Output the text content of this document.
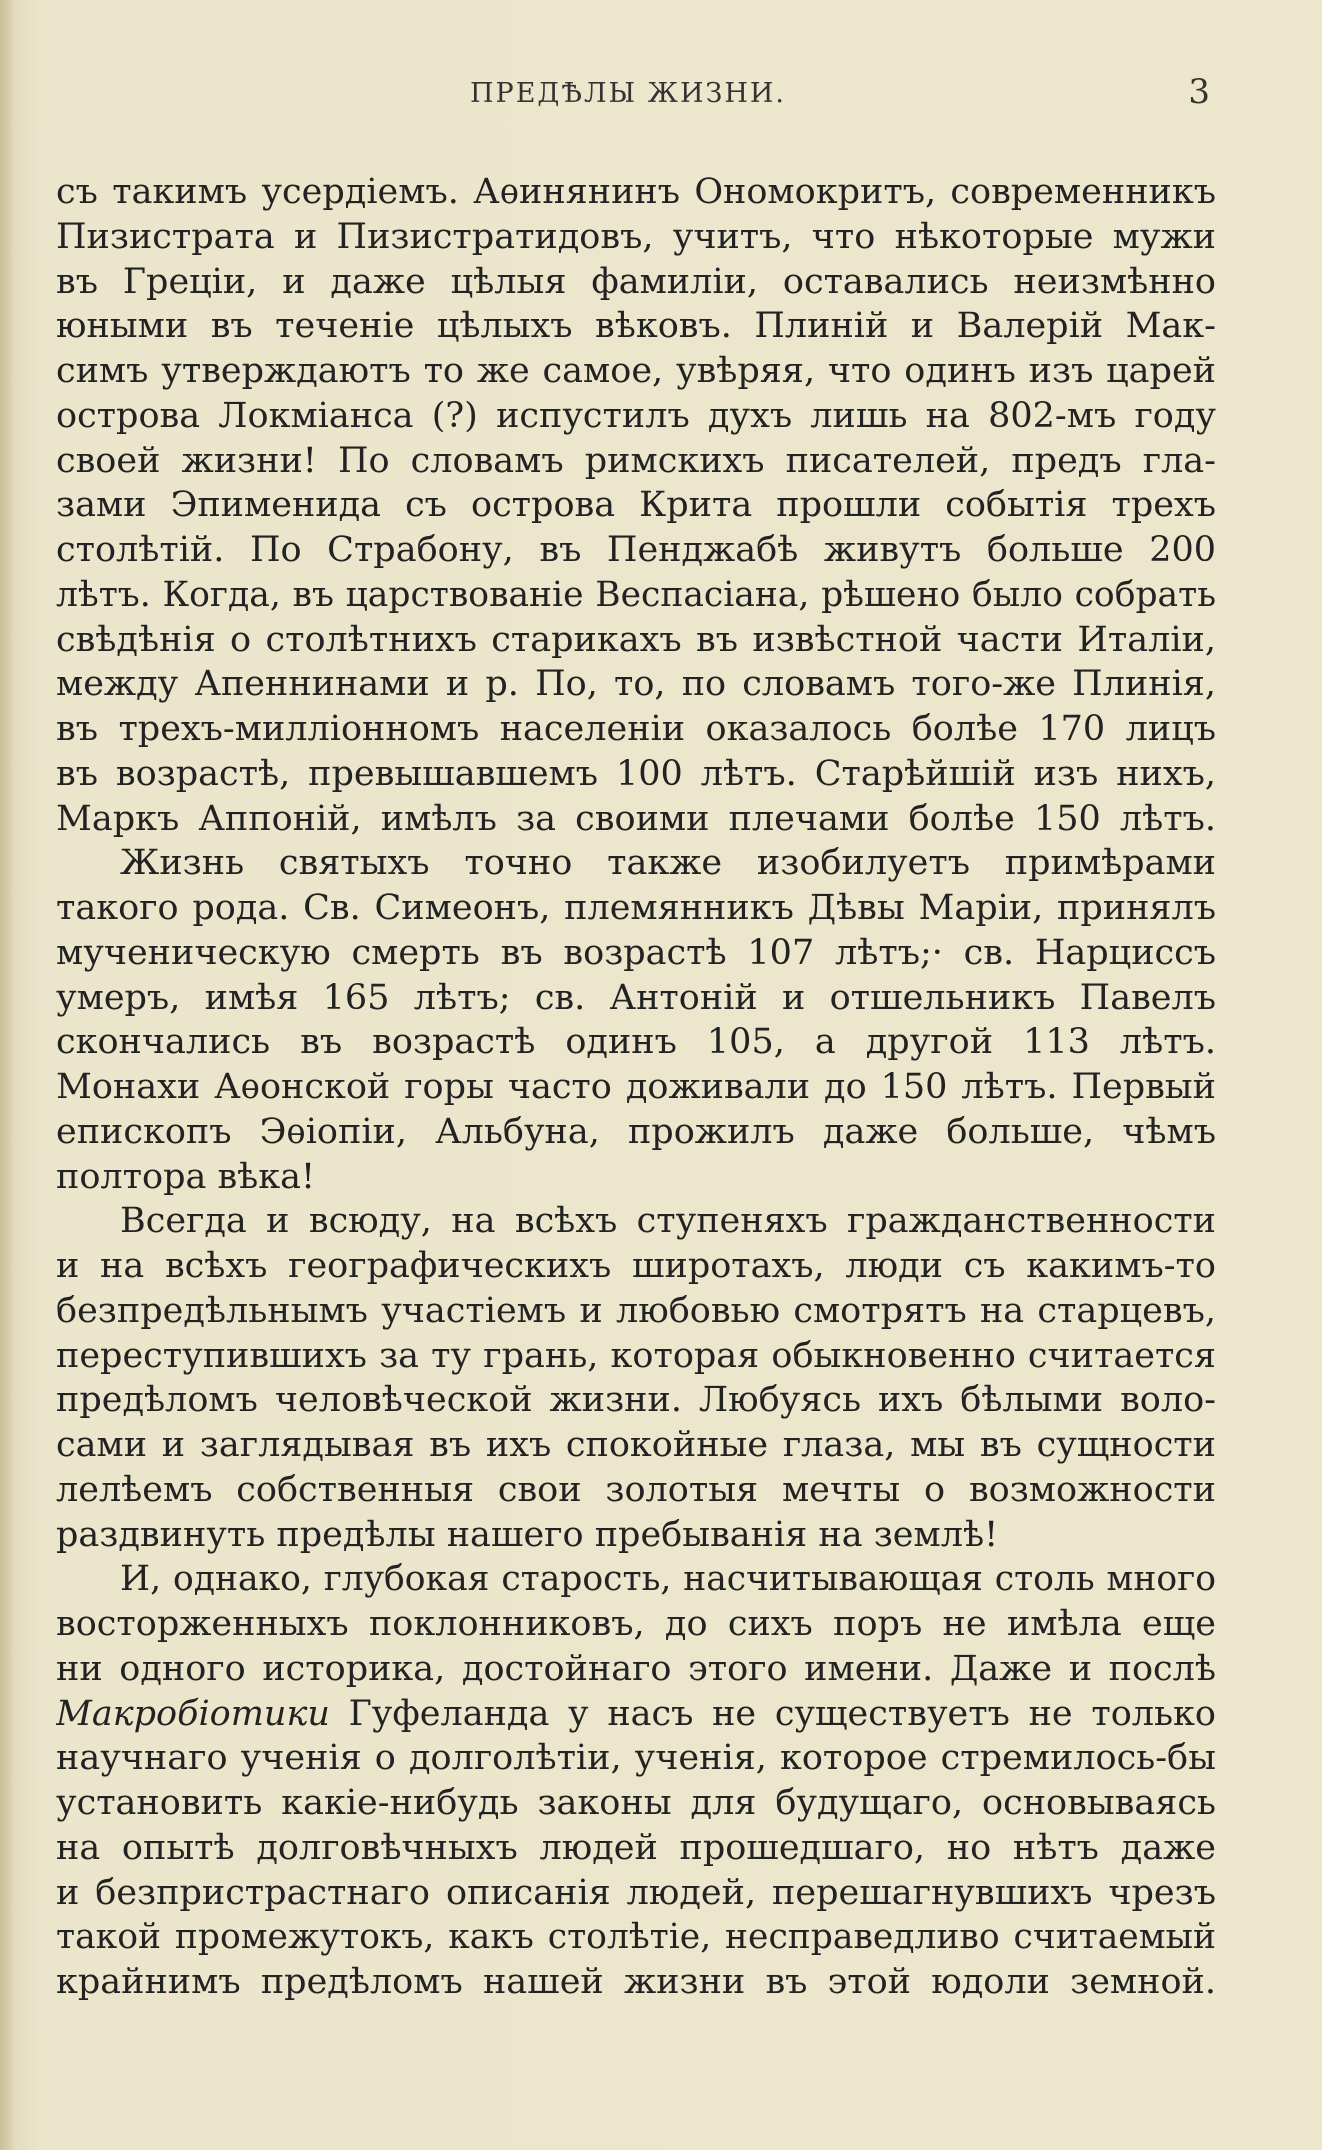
ПРЕДѢЛЫ ЖИЗНИ.	3
съ такимъ усердіемъ. Аѳинянинъ Ономокритъ, современникъ
Пизистрата и Пизистратидовъ, учитъ, что нѣкоторые мужи
въ Греціи, и даже цѣлыя фамиліи, оставались неизмѣнно
юными въ теченіе цѣлыхъ вѣковъ. Плиній и Валерій Мак-
симъ утверждаютъ то же самое, увѣряя, что одинъ изъ царей
острова Локміанса (?) испустилъ духъ лишь на 802-мъ году
своей жизни! По словамъ римскихъ писателей, предъ гла-
зами Эпименида съ острова Крита прошли событія трехъ
столѣтій. По Страбону, въ Пенджабѣ живутъ больше 200
лѣтъ. Когда, въ царствованіе Веспасіана, рѣшено было собрать
свѣдѣнія о столѣтнихъ старикахъ въ извѣстной части Италіи,
между Апеннинами и р. По, то, по словамъ того-же Плинія,
въ трехъ-милліонномъ населеніи оказалось болѣе 170 лицъ
въ возрастѣ, превышавшемъ 100 лѣтъ. Старѣйшій изъ нихъ,
Маркъ Аппоній, имѣлъ за своими плечами болѣе 150 лѣтъ.
Жизнь святыхъ точно также изобилуетъ примѣрами
такого рода. Св. Симеонъ, племянникъ Дѣвы Маріи, принялъ
мученическую смерть въ возрастѣ 107 лѣтъ;· св. Нарциссъ
умеръ, имѣя 165 лѣтъ; св. Антоній и отшельникъ Павелъ
скончались въ возрастѣ одинъ 105, а другой 113 лѣтъ.
Монахи Аѳонской горы часто доживали до 150 лѣтъ. Первый
епископъ Эѳіопіи, Альбуна, прожилъ даже больше, чѣмъ
полтора вѣка!
Всегда и всюду, на всѣхъ ступеняхъ гражданственности
и на всѣхъ географическихъ широтахъ, люди съ какимъ-то
безпредѣльнымъ участіемъ и любовью смотрятъ на старцевъ,
переступившихъ за ту грань, которая обыкновенно считается
предѣломъ человѣческой жизни. Любуясь ихъ бѣлыми воло-
сами и заглядывая въ ихъ спокойные глаза, мы въ сущности
лелѣемъ собственныя свои золотыя мечты о возможности
раздвинуть предѣлы нашего пребыванія на землѣ!
И, однако, глубокая старость, насчитывающая столь много
восторженныхъ поклонниковъ, до сихъ поръ не имѣла еще
ни одного историка, достойнаго этого имени. Даже и послѣ
Макробіотики Гуфеланда у насъ не существуетъ не только
научнаго ученія о долголѣтіи, ученія, которое стремилось-бы
установить какіе-нибудь законы для будущаго, основываясь
на опытѣ долговѣчныхъ людей прошедшаго, но нѣтъ даже
и безпристрастнаго описанія людей, перешагнувшихъ чрезъ
такой промежутокъ, какъ столѣтіе, несправедливо считаемый
крайнимъ предѣломъ нашей жизни въ этой юдоли земной.
